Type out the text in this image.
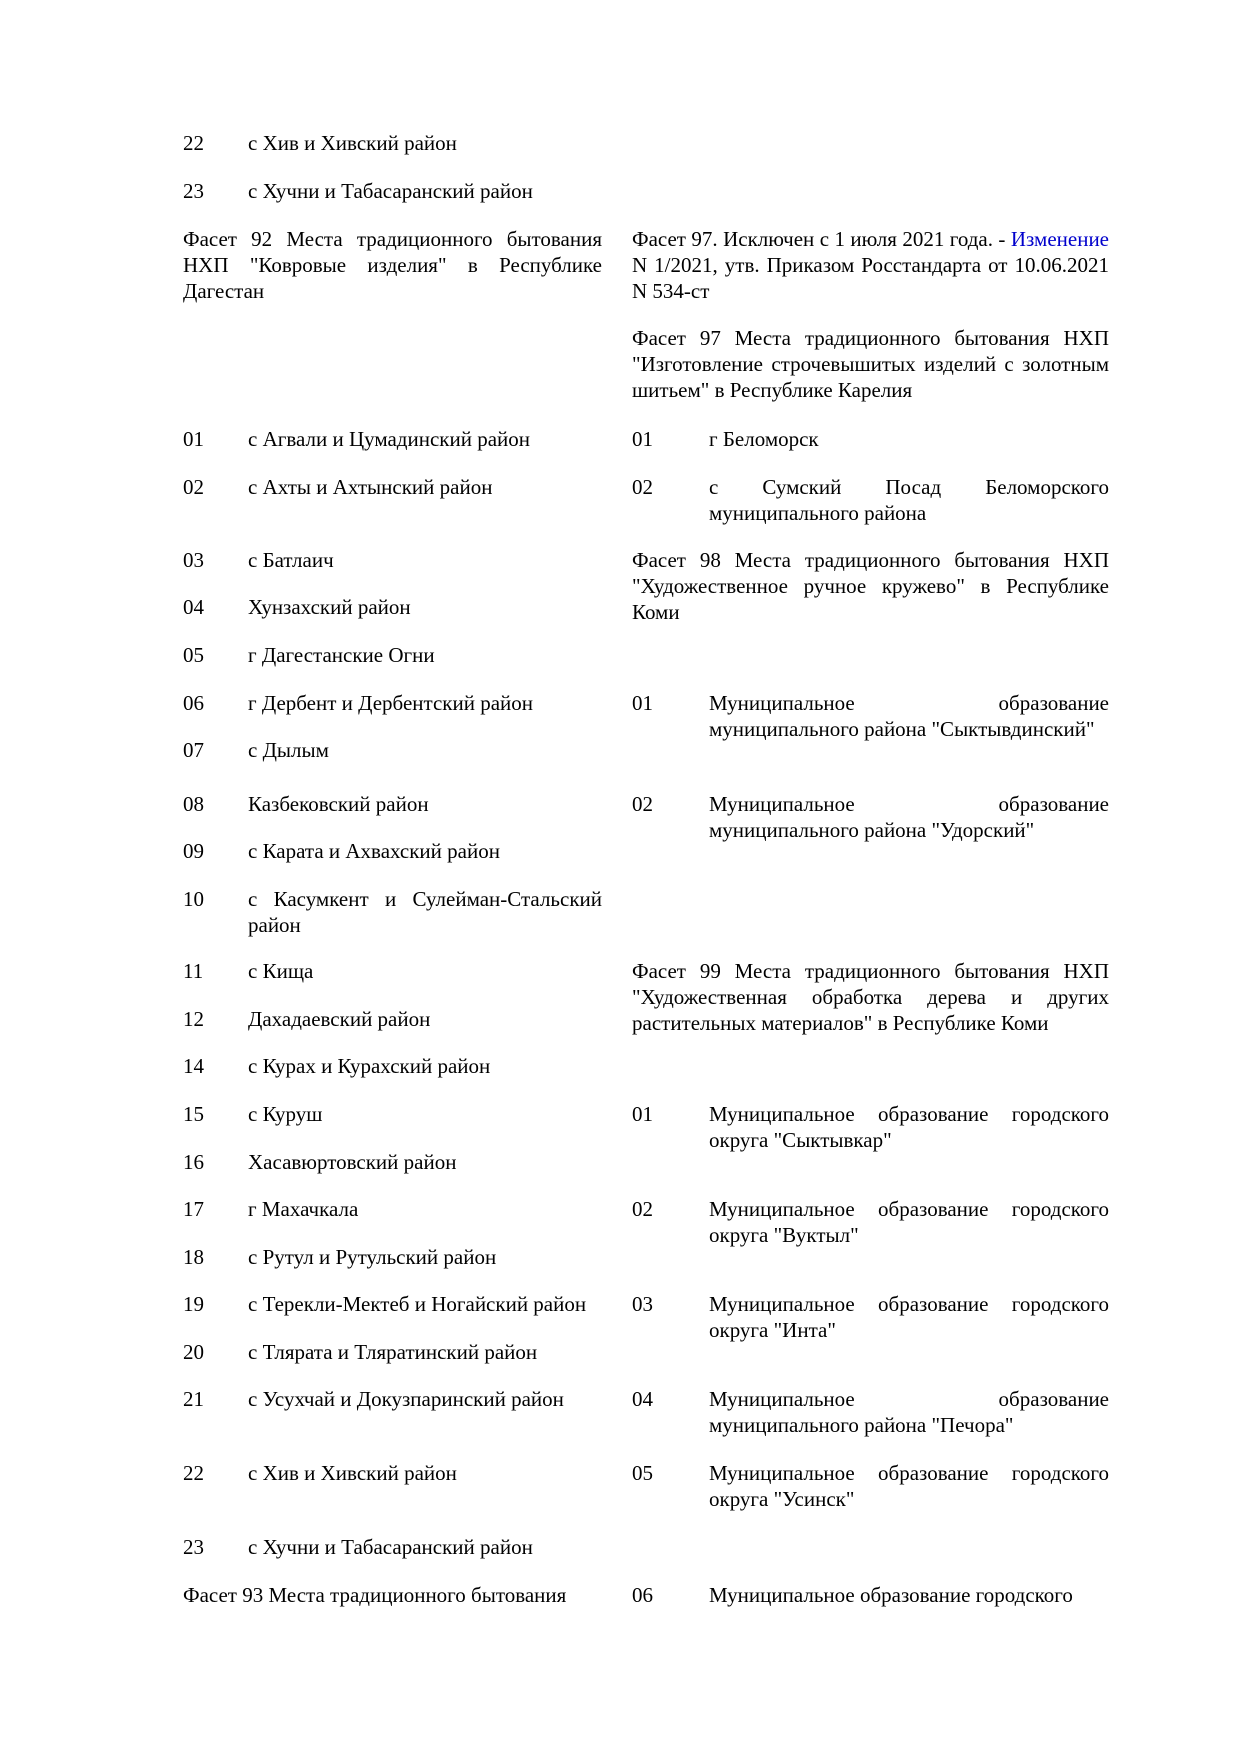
22 с Хив и Хивский район
23 с Хучни и Табасаранский район
Фасет 92 Места традиционного бытования НХП "Ковровые изделия" в Республике Дагестан
01 с Агвали и Цумадинский район
02 с Ахты и Ахтынский район
03 с Батлаич
04 Хунзахский район
05 г Дагестанские Огни
06 г Дербент и Дербентский район
07 с Дылым
08 Казбековский район
09 с Карата и Ахвахский район
10 с Касумкент и Сулейман-Стальский район
11 с Кища
12 Дахадаевский район
14 с Курах и Курахский район
15 с Куруш
16 Хасавюртовский район
17 г Махачкала
18 с Рутул и Рутульский район
19 с Терекли-Мектеб и Ногайский район
20 с Тлярата и Тляратинский район
21 с Усухчай и Докузпаринский район
22 с Хив и Хивский район
23 с Хучни и Табасаранский район
Фасет 93 Места традиционного бытования
Фасет 97. Исключен с 1 июля 2021 года. - Изменение N 1/2021, утв. Приказом Росстандарта от 10.06.2021 N 534-ст
Фасет 97 Места традиционного бытования НХП "Изготовление строчевышитых изделий с золотным шитьем" в Республике Карелия
01	г Беломорск
02	с Сумский Посад Беломорского муниципального района
Фасет 98 Места традиционного бытования НХП "Художественное ручное кружево" в Республике Коми
01	Муниципальное образование муниципального района "Сыктывдинский"
02	Муниципальное образование муниципального района "Удорский"
Фасет 99 Места традиционного бытования НХП "Художественная обработка дерева и других растительных материалов" в Республике Коми
01	Муниципальное образование городского округа "Сыктывкар"
02	Муниципальное образование городского округа "Вуктыл"
03	Муниципальное образование городского округа "Инта"
04	Муниципальное образование муниципального района "Печора"
05	Муниципальное образование городского округа "Усинск"
06	Муниципальное образование городского
